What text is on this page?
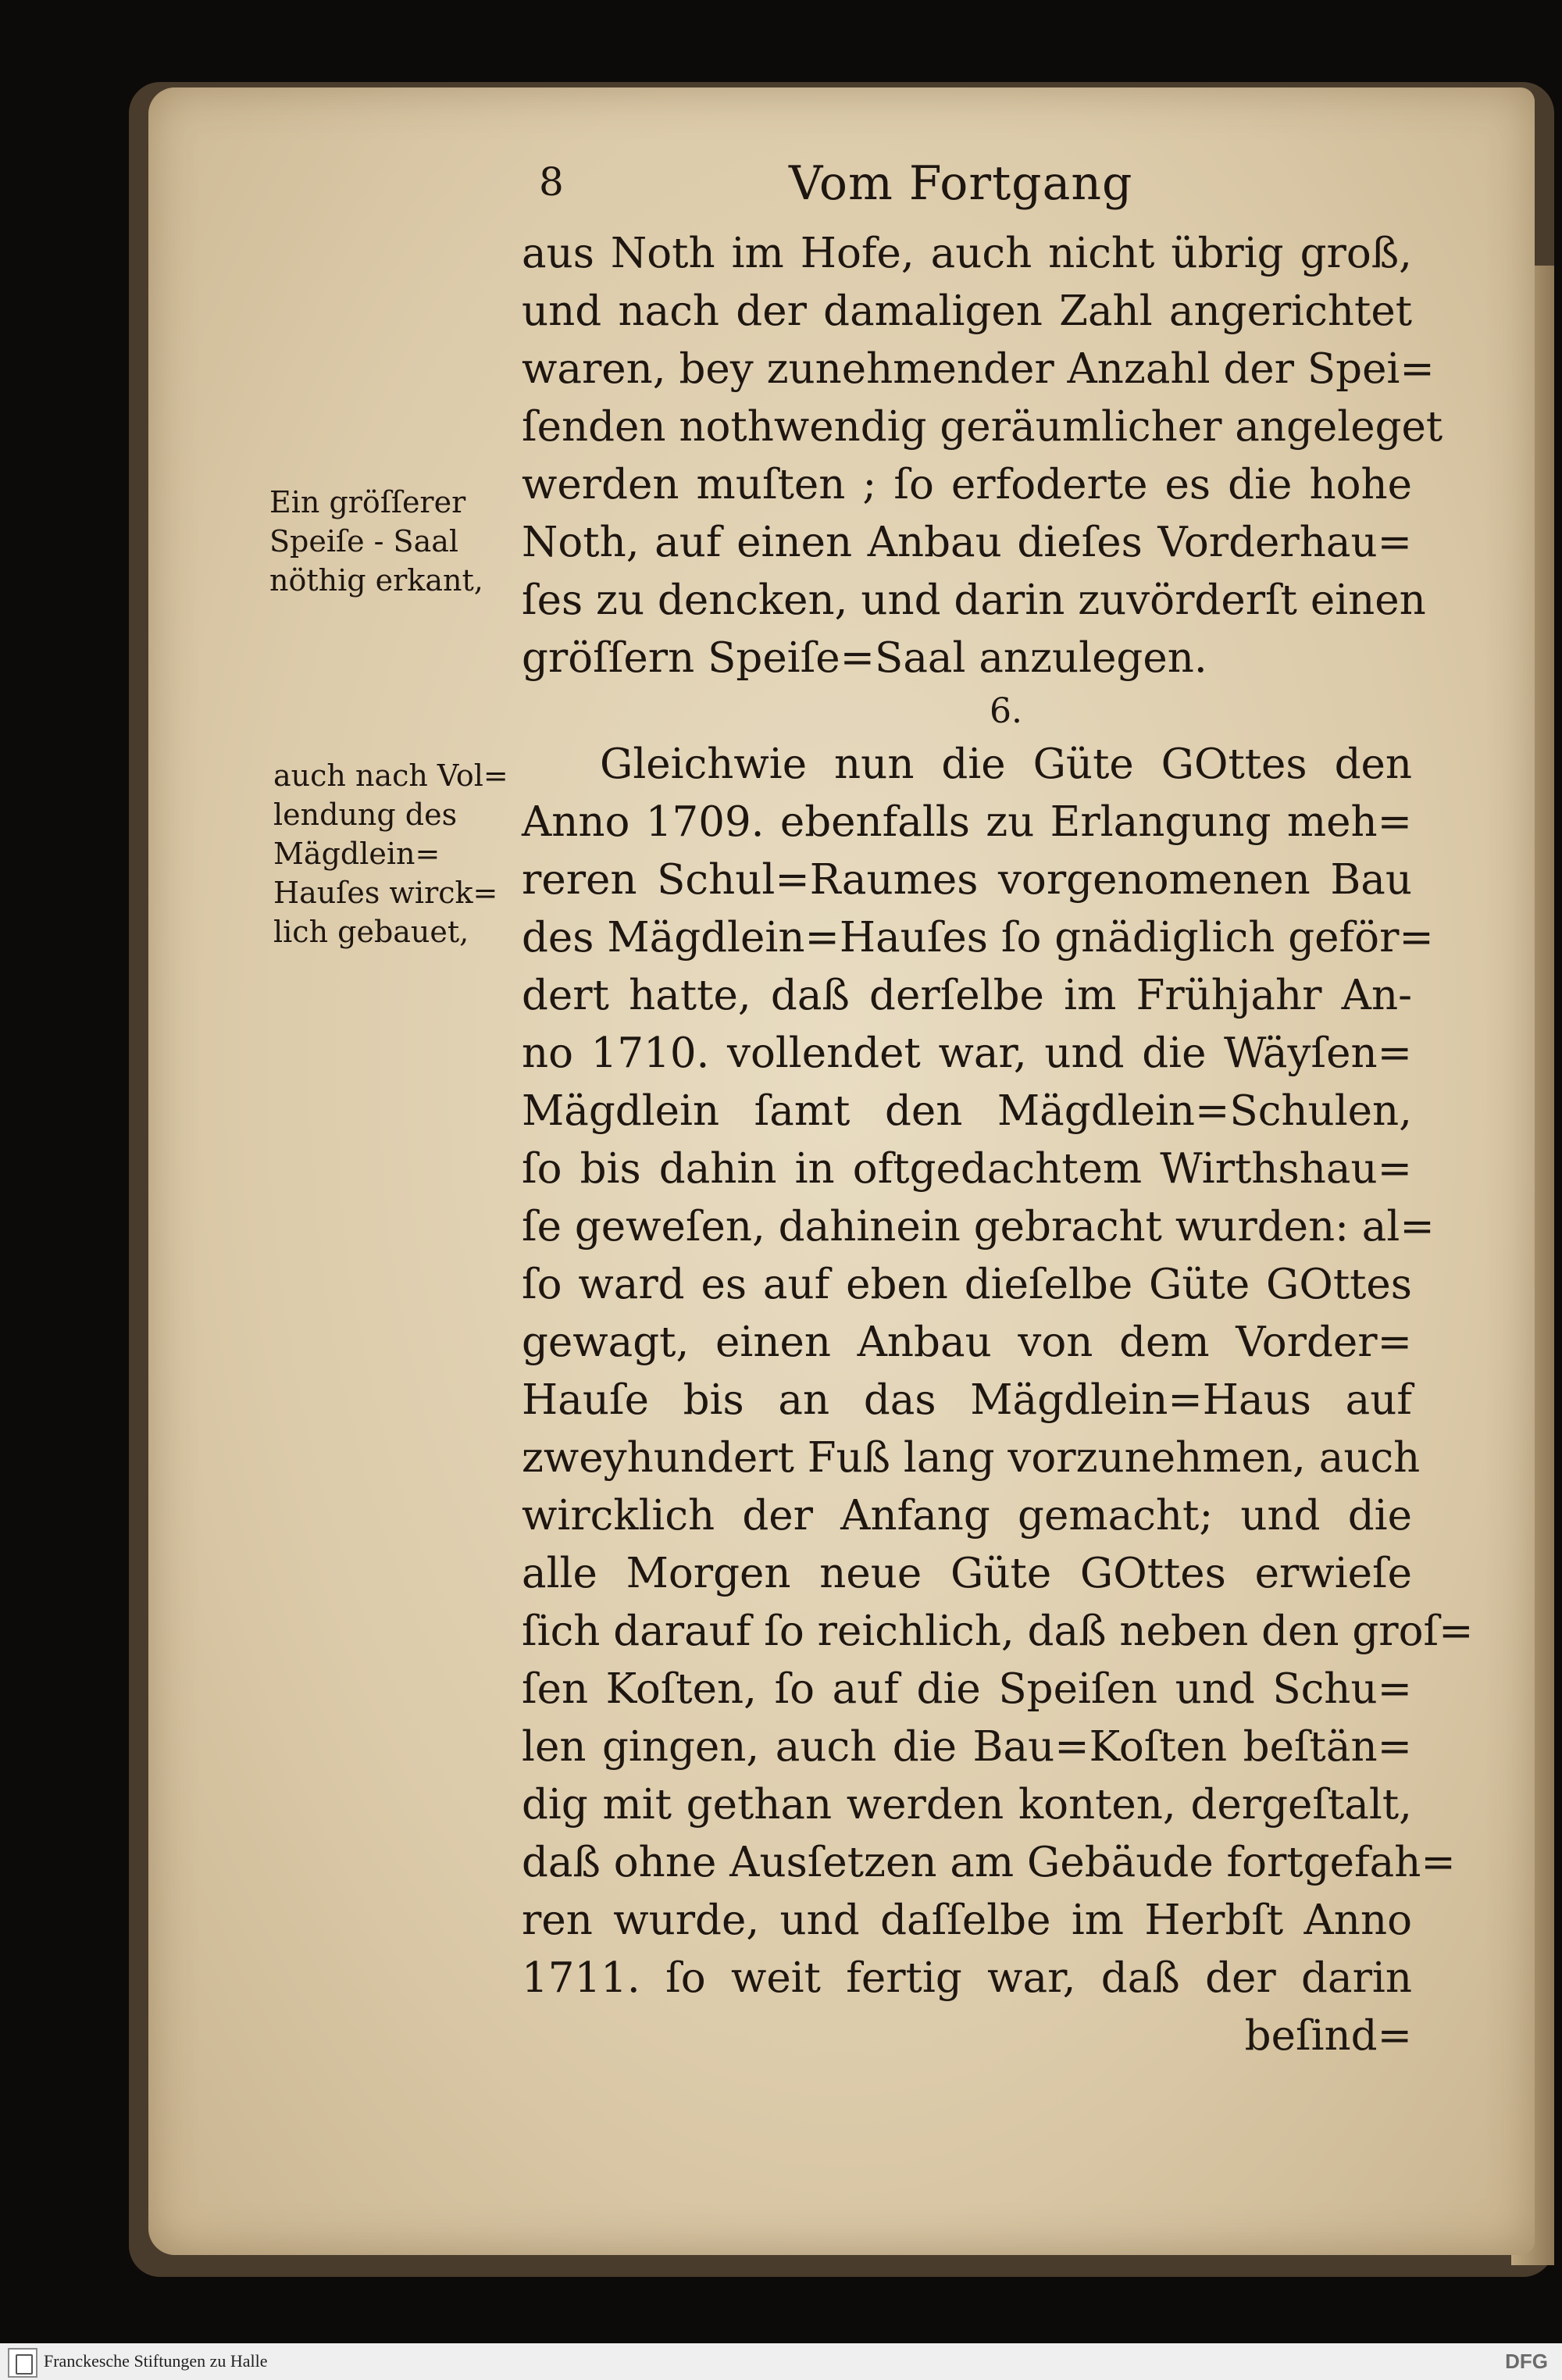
8	Vom Fortgang
Ein gröſſerer
Speiſe - Saal
nöthig erkant,
auch nach Vol=
lendung des
Mägdlein=
Hauſes wirck=
lich gebauet,
aus Noth im Hofe, auch nicht übrig groß,
und nach der damaligen Zahl angerichtet
waren, bey zunehmender Anzahl der Spei=
ſenden nothwendig geräumlicher angeleget
werden muſten ; ſo erfoderte es die hohe
Noth, auf einen Anbau dieſes Vorderhau=
ſes zu dencken, und darin zuvörderſt einen
gröſſern Speiſe=Saal anzulegen.
6.
Gleichwie nun die Güte GOttes den
Anno 1709. ebenfalls zu Erlangung meh=
reren Schul=Raumes vorgenomenen Bau
des Mägdlein=Hauſes ſo gnädiglich geför=
dert hatte, daß derſelbe im Frühjahr An-
no 1710. vollendet war, und die Wäyſen=
Mägdlein ſamt den Mägdlein=Schulen,
ſo bis dahin in oftgedachtem Wirthshau=
ſe geweſen, dahinein gebracht wurden: al=
ſo ward es auf eben dieſelbe Güte GOttes
gewagt, einen Anbau von dem Vorder=
Hauſe bis an das Mägdlein=Haus auf
zweyhundert Fuß lang vorzunehmen, auch
wircklich der Anfang gemacht; und die
alle Morgen neue Güte GOttes erwieſe
ſich darauf ſo reichlich, daß neben den groſ=
ſen Koſten, ſo auf die Speiſen und Schu=
len gingen, auch die Bau=Koſten beſtän=
dig mit gethan werden konten, dergeſtalt,
daß ohne Ausſetzen am Gebäude fortgefah=
ren wurde, und daſſelbe im Herbſt Anno
1711. ſo weit fertig war, daß der darin
beſind=
Franckesche Stiftungen zu Halle	DFG
